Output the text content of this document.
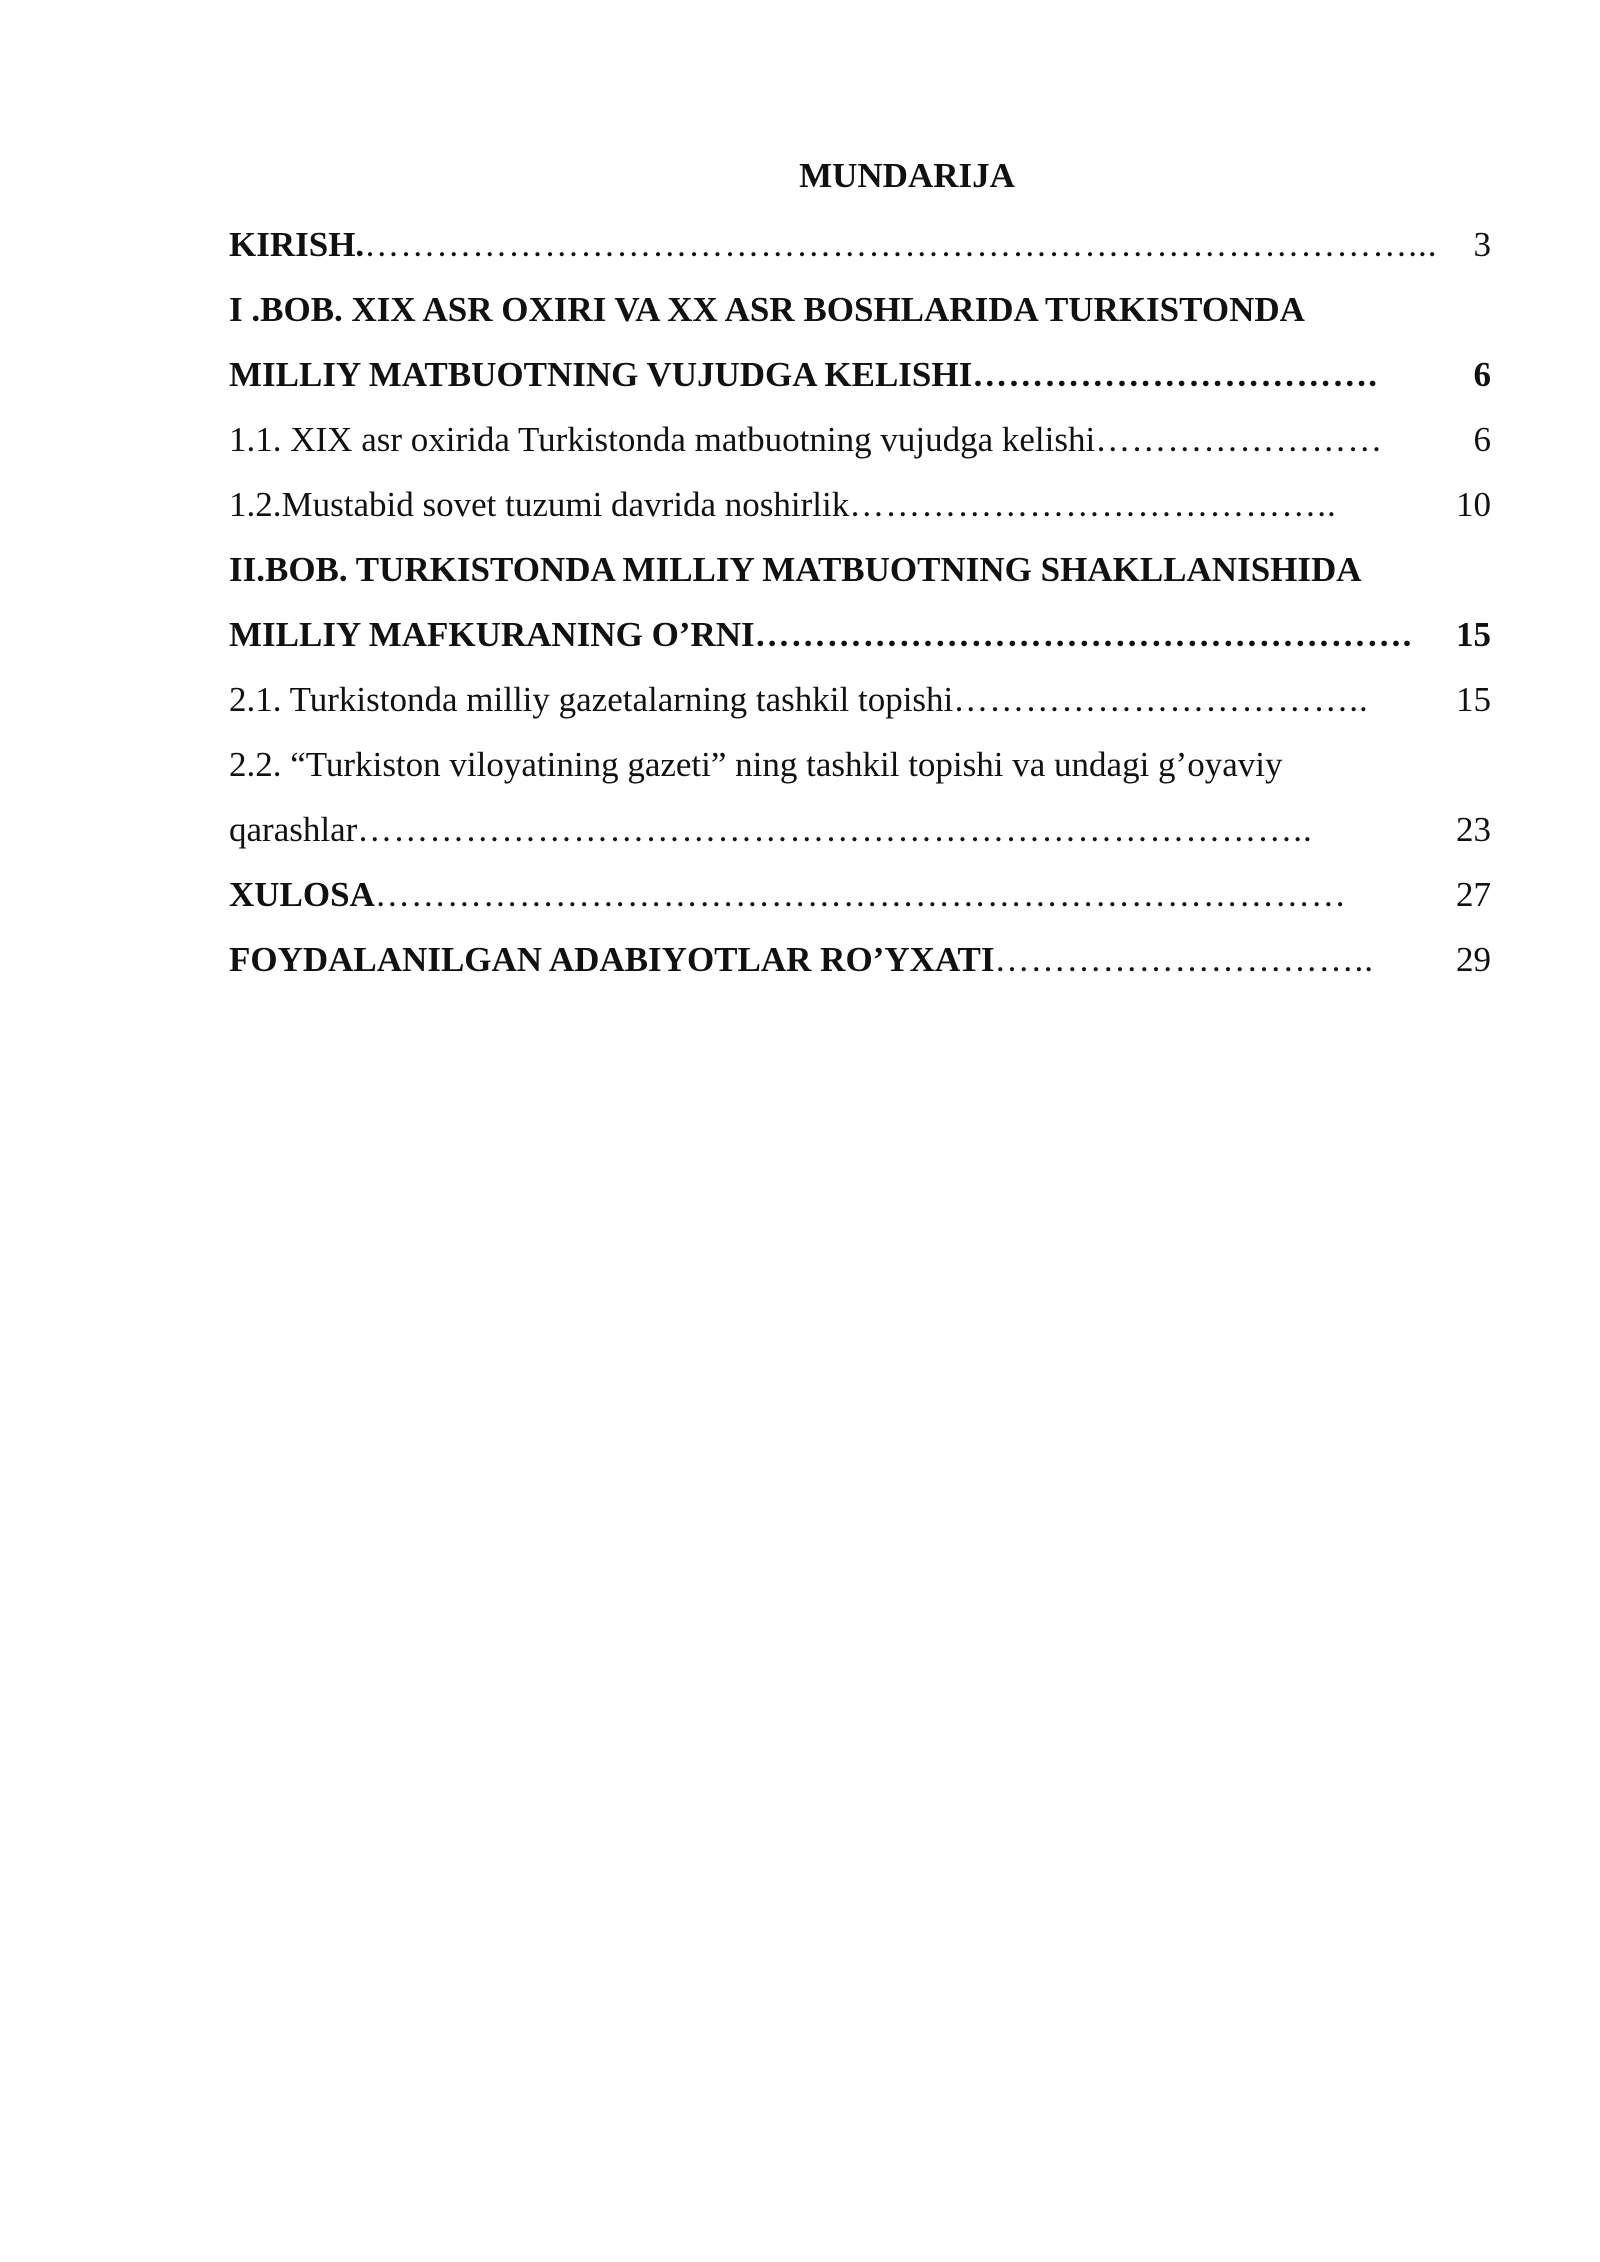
MUNDARIJA
KIRISH. ……………………………………………………………………………...	3
I .BOB. XIX ASR OXIRI VA XX ASR BOSHLARIDA TURKISTONDA
MILLIY MATBUOTNING VUJUDGA KELISHI …………………………….	6
1.1. XIX asr oxirida Turkistonda matbuotning vujudga kelishi ……………………	6
1.2.Mustabid sovet tuzumi davrida noshirlik …………………………………..	10
II.BOB. TURKISTONDA MILLIY MATBUOTNING SHAKLLANISHIDA
MILLIY MAFKURANING O’RNI ……………………………………………….	15
2.1. Turkistonda milliy gazetalarning tashkil topishi ……………………………..	15
2.2. “Turkiston viloyatining gazeti” ning tashkil topishi va undagi g’oyaviy
qarashlar ……………………………………………………………………..	23
XULOSA ………………………………………………………………………	27
FOYDALANILGAN ADABIYOTLAR RO’YXATI …………………………..	29
